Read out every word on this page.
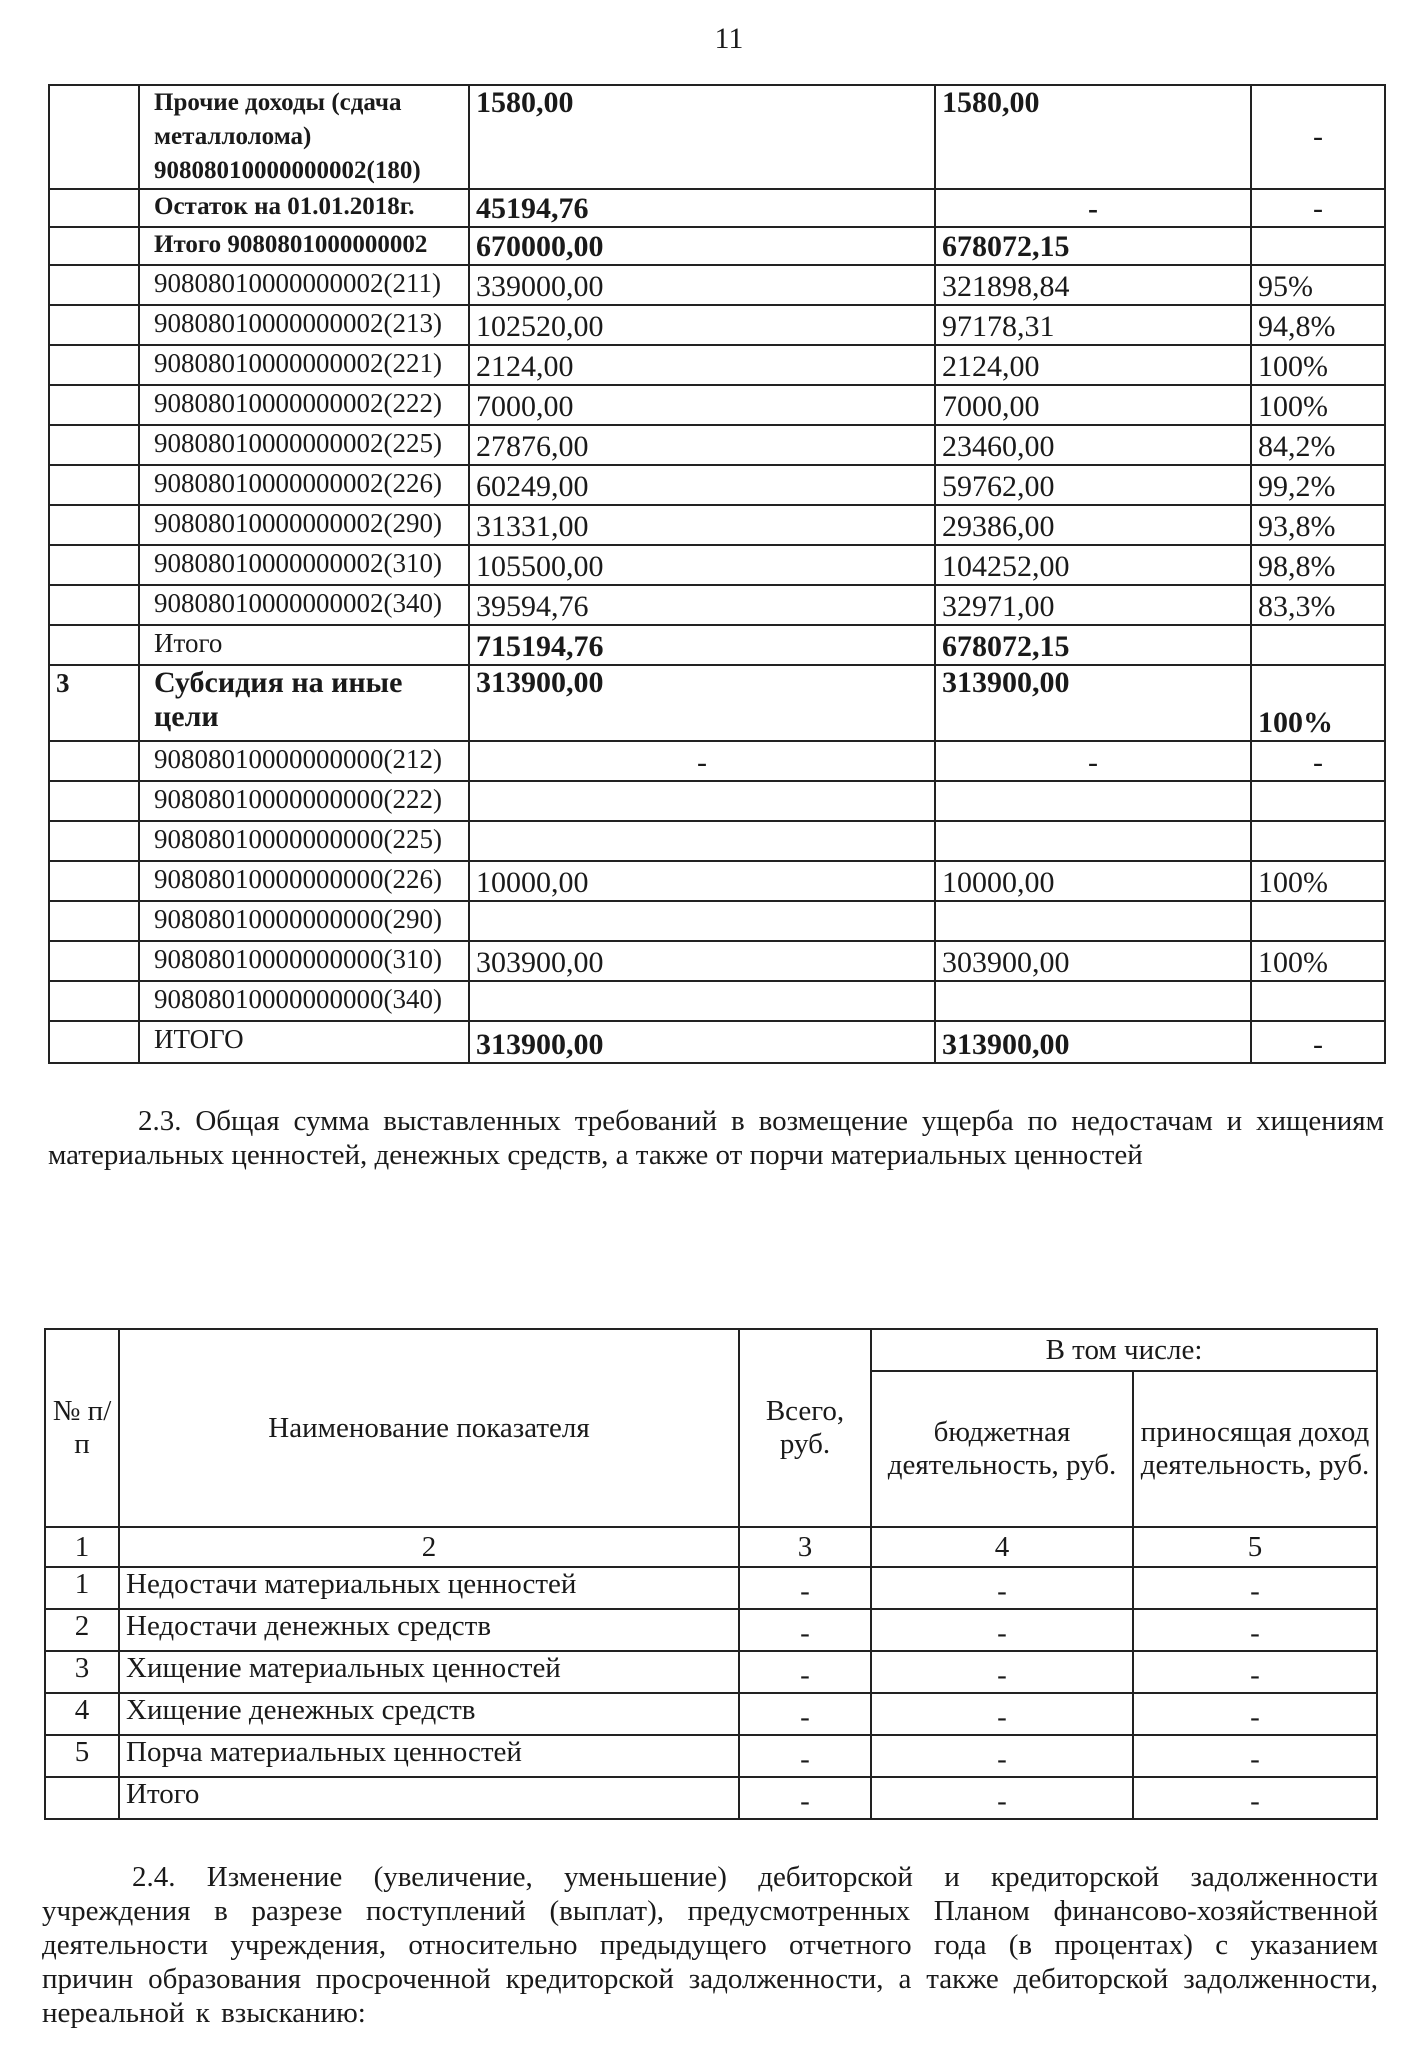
11
	Прочие доходы (сдача металлолома) 90808010000000002(180)	1580,00	1580,00	-
	Остаток на 01.01.2018г.	45194,76	-	-
	Итого 9080801000000002	670000,00	678072,15	
	90808010000000002(211)	339000,00	321898,84	95%
	90808010000000002(213)	102520,00	97178,31	94,8%
	90808010000000002(221)	2124,00	2124,00	100%
	90808010000000002(222)	7000,00	7000,00	100%
	90808010000000002(225)	27876,00	23460,00	84,2%
	90808010000000002(226)	60249,00	59762,00	99,2%
	90808010000000002(290)	31331,00	29386,00	93,8%
	90808010000000002(310)	105500,00	104252,00	98,8%
	90808010000000002(340)	39594,76	32971,00	83,3%
	Итого	715194,76	678072,15	
3	Субсидия на иные цели	313900,00	313900,00	100%
	90808010000000000(212)	-	-	-
	90808010000000000(222)			
	90808010000000000(225)			
	90808010000000000(226)	10000,00	10000,00	100%
	90808010000000000(290)			
	90808010000000000(310)	303900,00	303900,00	100%
	90808010000000000(340)			
	ИТОГО	313900,00	313900,00	-
2.3. Общая сумма выставленных требований в возмещение ущерба по недостачам и хищениям материальных ценностей, денежных средств, а также от порчи материальных ценностей
№ п/п	Наименование показателя	Всего, руб.	В том числе:	
			бюджетная деятельность, руб.	приносящая доход деятельность, руб.
1	2	3	4	5
1	Недостачи материальных ценностей	-	-	-
2	Недостачи денежных средств	-	-	-
3	Хищение материальных ценностей	-	-	-
4	Хищение денежных средств	-	-	-
5	Порча материальных ценностей	-	-	-
	Итого	-	-	-
2.4. Изменение (увеличение, уменьшение) дебиторской и кредиторской задолженности учреждения в разрезе поступлений (выплат), предусмотренных Планом финансово-хозяйственной деятельности учреждения, относительно предыдущего отчетного года (в процентах) с указанием причин образования просроченной кредиторской задолженности, а также дебиторской задолженности, нереальной к взысканию:
